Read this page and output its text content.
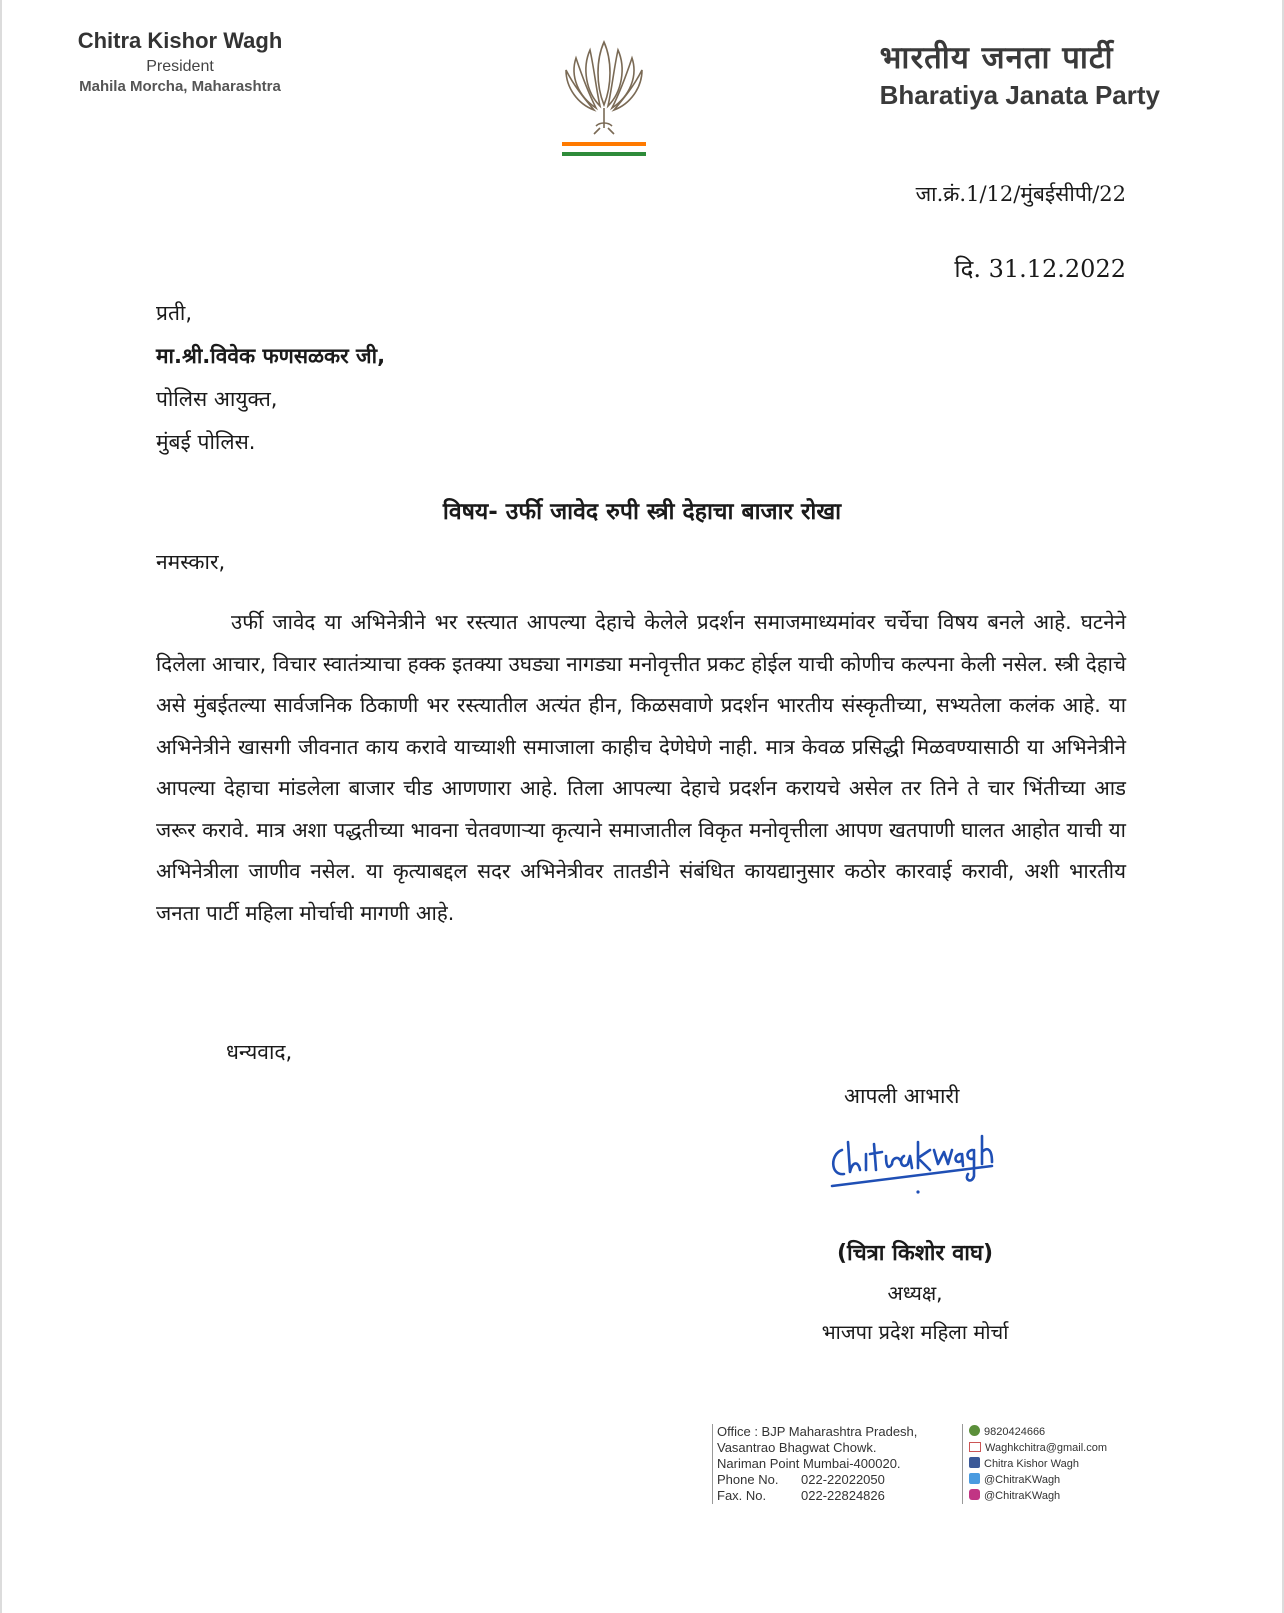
Chitra Kishor Wagh
President
Mahila Morcha, Maharashtra
भारतीय जनता पार्टी
Bharatiya Janata Party
जा.क्रं.1/12/मुंबईसीपी/22
दि. 31.12.2022
प्रती,
मा.श्री.विवेक फणसळकर जी,
पोलिस आयुक्त,
मुंबई पोलिस.
विषय- उर्फी जावेद रुपी स्त्री देहाचा बाजार रोखा
नमस्कार,

उर्फी जावेद या अभिनेत्रीने भर रस्त्यात आपल्या देहाचे केलेले प्रदर्शन समाजमाध्यमांवर चर्चेचा विषय बनले आहे. घटनेने दिलेला आचार, विचार स्वातंत्र्याचा हक्क इतक्या उघड्या नागड्या मनोवृत्तीत प्रकट होईल याची कोणीच कल्पना केली नसेल. स्त्री देहाचे असे मुंबईतल्या सार्वजनिक ठिकाणी भर रस्त्यातील अत्यंत हीन, किळसवाणे प्रदर्शन भारतीय संस्कृतीच्या, सभ्यतेला कलंक आहे. या अभिनेत्रीने खासगी जीवनात काय करावे याच्याशी समाजाला काहीच देणेघेणे नाही. मात्र केवळ प्रसिद्धी मिळवण्यासाठी या अभिनेत्रीने आपल्या देहाचा मांडलेला बाजार चीड आणणारा आहे. तिला आपल्या देहाचे प्रदर्शन करायचे असेल तर तिने ते चार भिंतीच्या आड जरूर करावे. मात्र अशा पद्धतीच्या भावना चेतवणाऱ्या कृत्याने समाजातील विकृत मनोवृत्तीला आपण खतपाणी घालत आहोत याची या अभिनेत्रीला जाणीव नसेल. या कृत्याबद्दल सदर अभिनेत्रीवर तातडीने संबंधित कायद्यानुसार कठोर कारवाई करावी, अशी भारतीय जनता पार्टी महिला मोर्चाची मागणी आहे.

धन्यवाद,
आपली आभारी
(चित्रा किशोर वाघ)
अध्यक्ष,
भाजपा प्रदेश महिला मोर्चा
Office : BJP Maharashtra Pradesh,
Vasantrao Bhagwat Chowk.
Nariman Point Mumbai-400020.
Phone No. 022-22022050
Fax. No.	022-22824826
9820424666
Waghkchitra@gmail.com
Chitra Kishor Wagh
@ChitraKWagh
@ChitraKWagh
